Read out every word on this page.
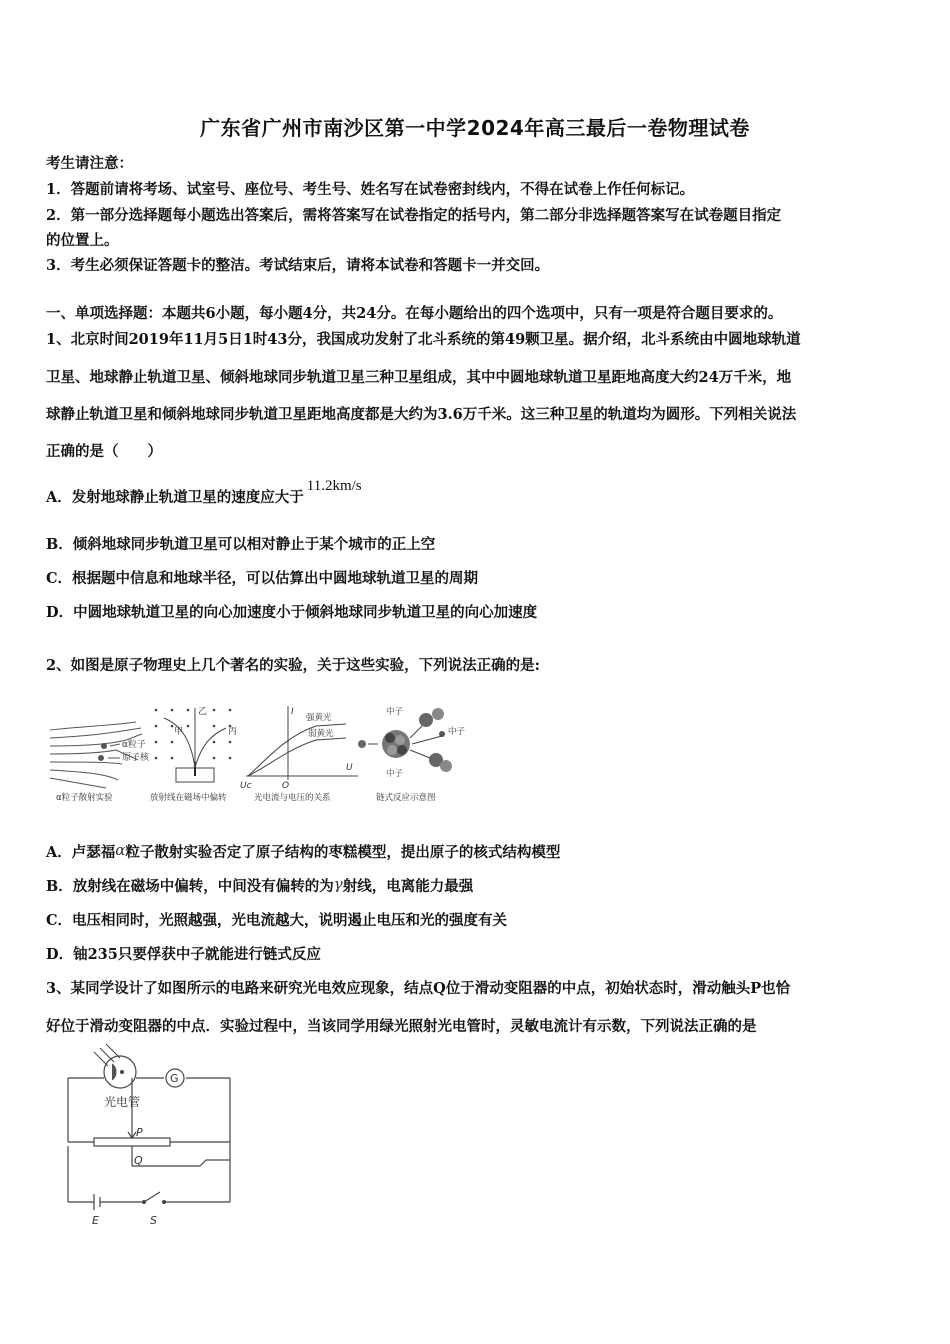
广东省广州市南沙区第一中学2024年高三最后一卷物理试卷
考生请注意：
1．答题前请将考场、试室号、座位号、考生号、姓名写在试卷密封线内，不得在试卷上作任何标记。
2．第一部分选择题每小题选出答案后，需将答案写在试卷指定的括号内，第二部分非选择题答案写在试卷题目指定
的位置上。
3．考生必须保证答题卡的整洁。考试结束后，请将本试卷和答题卡一并交回。
一、单项选择题：本题共6小题，每小题4分，共24分。在每小题给出的四个选项中，只有一项是符合题目要求的。
1、北京时间2019年11月5日1时43分，我国成功发射了北斗系统的第49颗卫星。据介绍，北斗系统由中圆地球轨道
卫星、地球静止轨道卫星、倾斜地球同步轨道卫星三种卫星组成，其中中圆地球轨道卫星距地高度大约24万千米，地
球静止轨道卫星和倾斜地球同步轨道卫星距地高度都是大约为3.6万千米。这三种卫星的轨道均为圆形。下列相关说法
正确的是（　　）
A．发射地球静止轨道卫星的速度应大于11.2km/s
B．倾斜地球同步轨道卫星可以相对静止于某个城市的正上空
C．根据题中信息和地球半径，可以估算出中圆地球轨道卫星的周期
D．中圆地球轨道卫星的向心加速度小于倾斜地球同步轨道卫星的向心加速度
2、如图是原子物理史上几个著名的实验，关于这些实验，下列说法正确的是:
α粒子
原子核
α粒子散射实验
甲
乙
丙
放射线在磁场中偏转
I
U
Uc	O
强黄光
弱黄光
光电流与电压的关系
中子
中子
中子
链式反应示意图
A．卢瑟福α粒子散射实验否定了原子结构的枣糕模型，提出原子的核式结构模型
B．放射线在磁场中偏转，中间没有偏转的为γ射线，电离能力最强
C．电压相同时，光照越强，光电流越大，说明遏止电压和光的强度有关
D．铀235只要俘获中子就能进行链式反应
3、某同学设计了如图所示的电路来研究光电效应现象，结点Q位于滑动变阻器的中点，初始状态时，滑动触头P也恰
好位于滑动变阻器的中点．实验过程中，当该同学用绿光照射光电管时，灵敏电流计有示数，下列说法正确的是
光电管
G
P
Q
E	S
